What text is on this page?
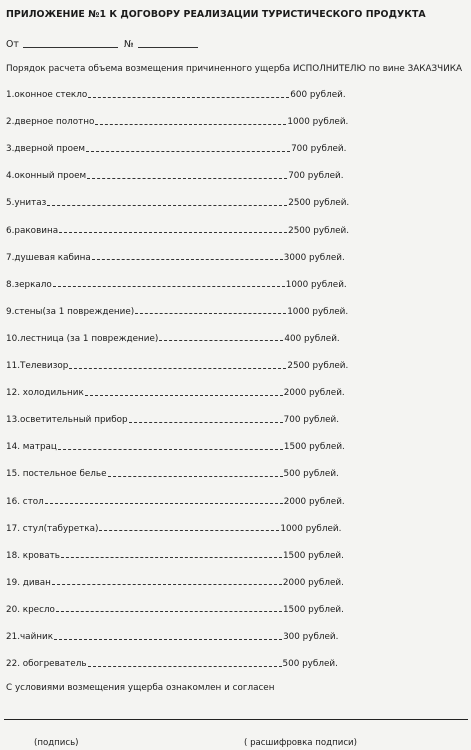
ПРИЛОЖЕНИЕ №1 К ДОГОВОРУ РЕАЛИЗАЦИИ ТУРИСТИЧЕСКОГО ПРОДУКТА
От	№
Порядок расчета объема возмещения причиненного ущерба ИСПОЛНИТЕЛЮ по вине ЗАКАЗЧИКА
1.оконное стекло	600 рублей.
2.дверное полотно	1000 рублей.
3.дверной проем	700 рублей.
4.оконный проем	700 рублей.
5.унитаз	2500 рублей.
6.раковина	2500 рублей.
7.душевая кабина	3000 рублей.
8.зеркало	1000 рублей.
9.стены(за 1 повреждение)	1000 рублей.
10.лестница (за 1 повреждение)	400 рублей.
11.Телевизор	2500 рублей.
12. холодильник	2000 рублей.
13.осветительный прибор	700 рублей.
14. матрац	1500 рублей.
15. постельное белье	500 рублей.
16. стол	2000 рублей.
17. стул(табуретка)	1000 рублей.
18. кровать	1500 рублей.
19. диван	2000 рублей.
20. кресло	1500 рублей.
21.чайник	300 рублей.
22. обогреватель	500 рублей.
С условиями возмещения ущерба ознакомлен и согласен
(подпись)	( расшифровка подписи)
